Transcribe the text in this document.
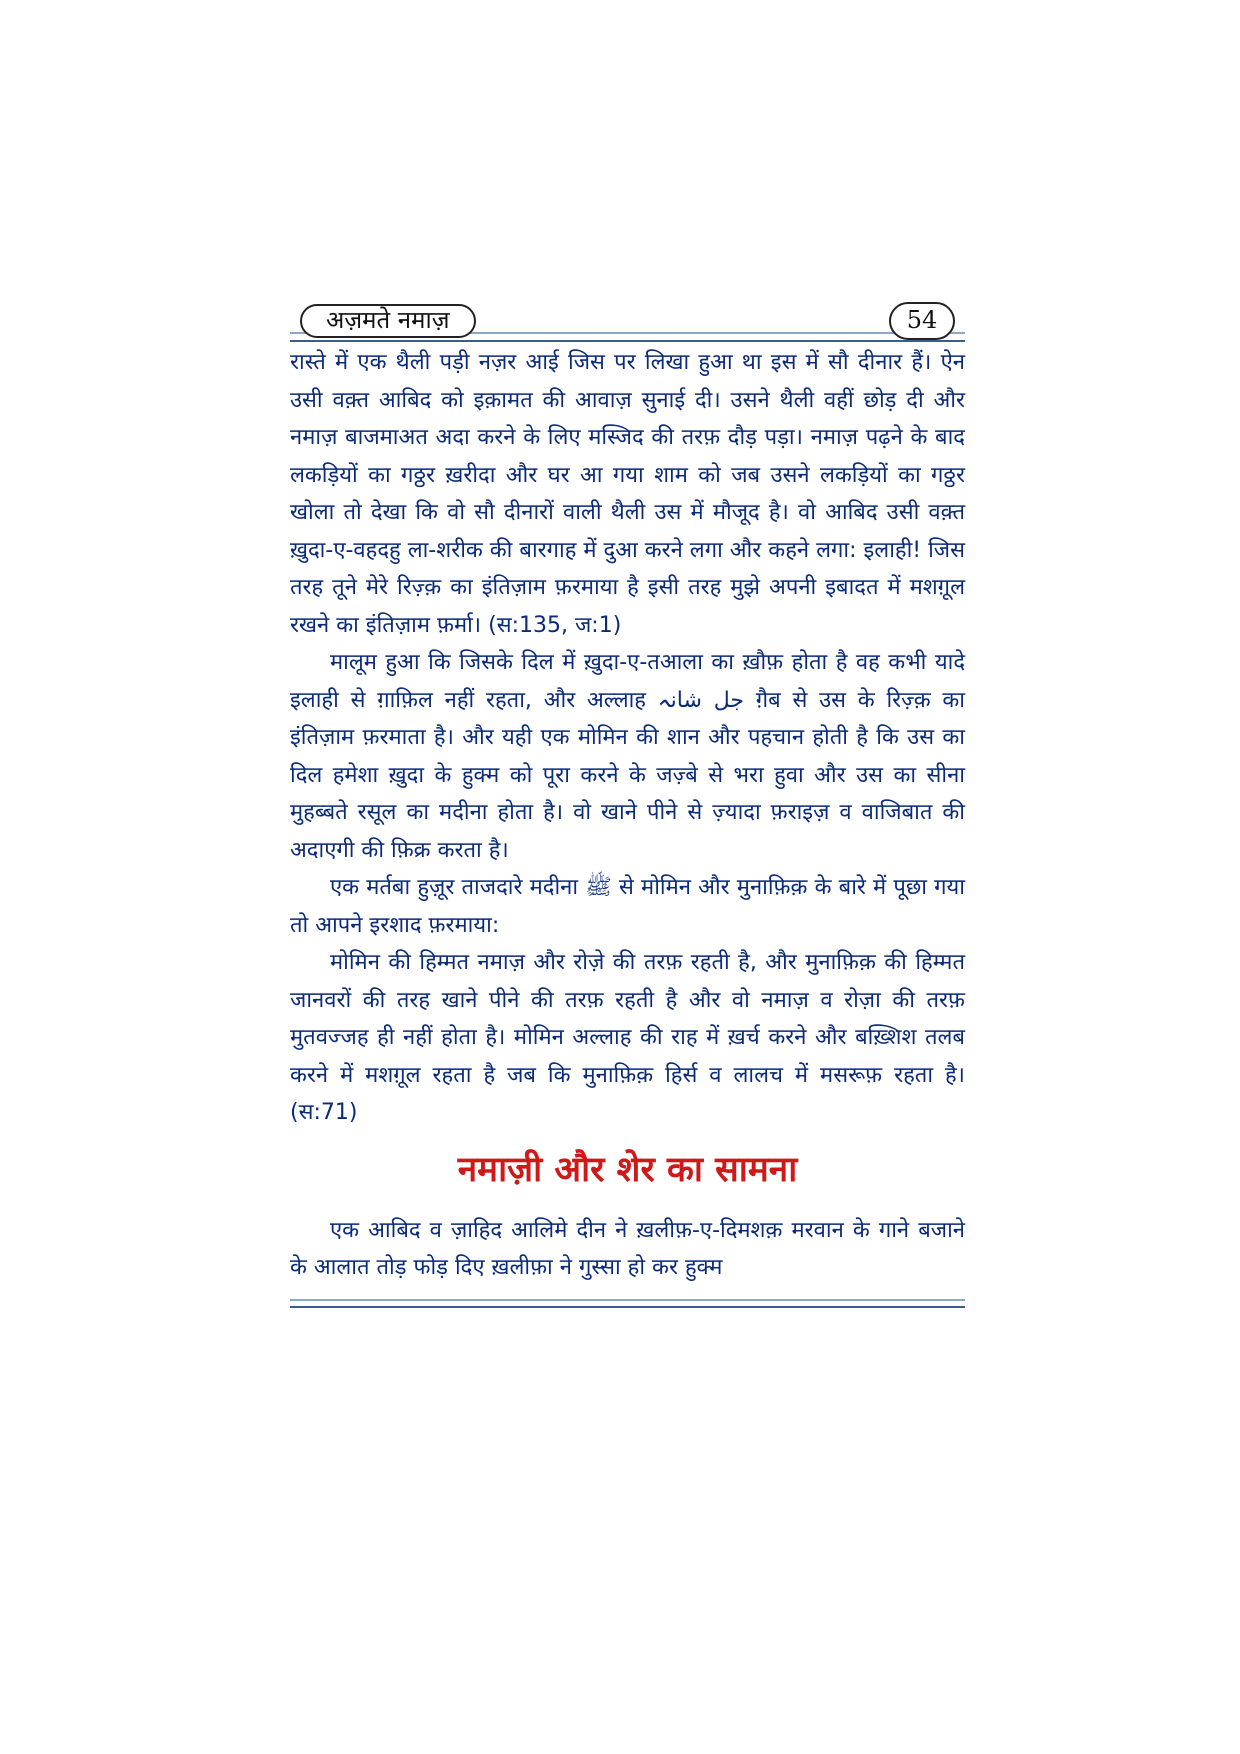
अज़मते नमाज़	54

रास्ते में एक थैली पड़ी नज़र आई जिस पर लिखा हुआ था इस में सौ दीनार हैं। ऐन उसी वक़्त आबिद को इक़ामत की आवाज़ सुनाई दी। उसने थैली वहीं छोड़ दी और नमाज़ बाजमाअत अदा करने के लिए मस्जिद की तरफ़ दौड़ पड़ा। नमाज़ पढ़ने के बाद लकड़ियों का गठ्ठर ख़रीदा और घर आ गया शाम को जब उसने लकड़ियों का गठ्ठर खोला तो देखा कि वो सौ दीनारों वाली थैली उस में मौजूद है। वो आबिद उसी वक़्त ख़ुदा-ए-वहदहु ला-शरीक की बारगाह में दुआ करने लगा और कहने लगा: इलाही! जिस तरह तूने मेरे रिज़्क़ का इंतिज़ाम फ़रमाया है इसी तरह मुझे अपनी इबादत में मशग़ूल रखने का इंतिज़ाम फ़र्मा। (स:135, ज:1)

मालूम हुआ कि जिसके दिल में ख़ुदा-ए-तआला का ख़ौफ़ होता है वह कभी यादे इलाही से ग़ाफ़िल नहीं रहता, और अल्लाह جل شانہ ग़ैब से उस के रिज़्क़ का इंतिज़ाम फ़रमाता है। और यही एक मोमिन की शान और पहचान होती है कि उस का दिल हमेशा ख़ुदा के हुक्म को पूरा करने के जज़्बे से भरा हुवा और उस का सीना मुहब्बते रसूल का मदीना होता है। वो खाने पीने से ज़्यादा फ़राइज़ व वाजिबात की अदाएगी की फ़िक्र करता है।

एक मर्तबा हुज़ूर ताजदारे मदीना ﷺ से मोमिन और मुनाफ़िक़ के बारे में पूछा गया तो आपने इरशाद फ़रमाया:

मोमिन की हिम्मत नमाज़ और रोज़े की तरफ़ रहती है, और मुनाफ़िक़ की हिम्मत जानवरों की तरह खाने पीने की तरफ़ रहती है और वो नमाज़ व रोज़ा की तरफ़ मुतवज्जह ही नहीं होता है। मोमिन अल्लाह की राह में ख़र्च करने और बख़्शिश तलब करने में मशग़ूल रहता है जब कि मुनाफ़िक़ हिर्स व लालच में मसरूफ़ रहता है। (स:71)

नमाज़ी और शेर का सामना

एक आबिद व ज़ाहिद आलिमे दीन ने ख़लीफ़-ए-दिमशक़ मरवान के गाने बजाने के आलात तोड़ फोड़ दिए ख़लीफ़ा ने गुस्सा हो कर हुक्म
